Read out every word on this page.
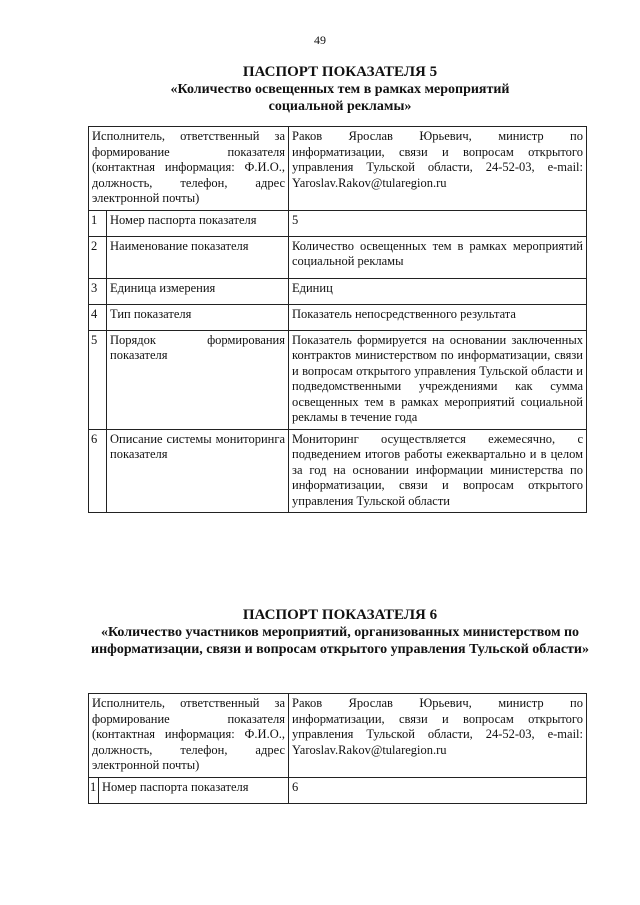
49
ПАСПОРТ ПОКАЗАТЕЛЯ 5
«Количество освещенных тем в рамках мероприятий социальной рекламы»
Исполнитель, ответственный за формирование показателя (контактная информация: Ф.И.О., должность, телефон, адрес электронной почты)		Раков Ярослав Юрьевич, министр по информатизации, связи и вопросам открытого управления Тульской области, 24-52-03, e-mail: Yaroslav.Rakov@tularegion.ru
1	Номер паспорта показателя	5
2	Наименование показателя	Количество освещенных тем в рамках мероприятий социальной рекламы
3	Единица измерения	Единиц
4	Тип показателя	Показатель непосредственного результата
5	Порядок формирования показателя	Показатель формируется на основании заключенных контрактов министерством по информатизации, связи и вопросам открытого управления Тульской области и подведомственными учреждениями как сумма освещенных тем в рамках мероприятий социальной рекламы в течение года
6	Описание системы мониторинга показателя	Мониторинг осуществляется ежемесячно, с подведением итогов работы ежеквартально и в целом за год на основании информации министерства по информатизации, связи и вопросам открытого управления Тульской области
ПАСПОРТ ПОКАЗАТЕЛЯ 6
«Количество участников мероприятий, организованных министерством по информатизации, связи и вопросам открытого управления Тульской области»
Исполнитель, ответственный за формирование показателя (контактная информация: Ф.И.О., должность, телефон, адрес электронной почты)		Раков Ярослав Юрьевич, министр по информатизации, связи и вопросам открытого управления Тульской области, 24-52-03, e-mail: Yaroslav.Rakov@tularegion.ru
1	Номер паспорта показателя	6
